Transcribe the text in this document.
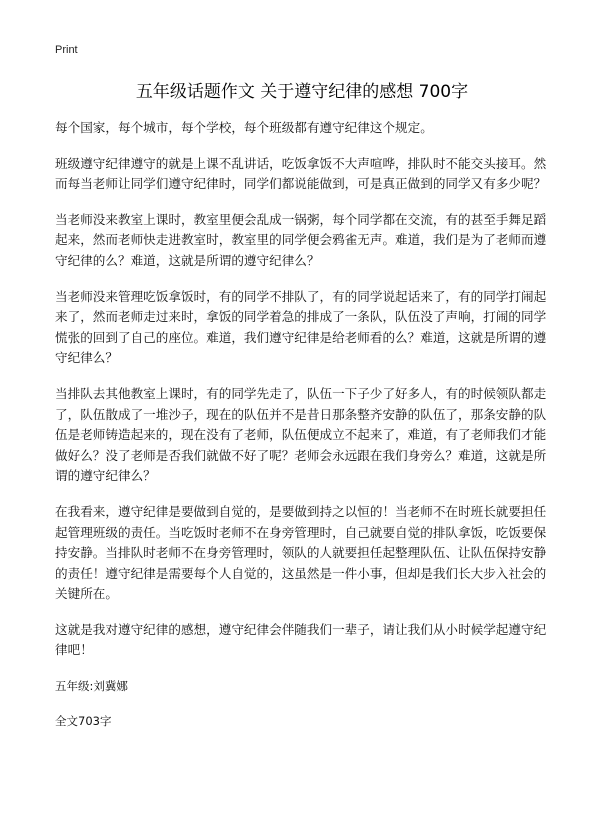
Print
五年级话题作文 关于遵守纪律的感想 700字

每个国家，每个城市，每个学校，每个班级都有遵守纪律这个规定。

班级遵守纪律遵守的就是上课不乱讲话，吃饭拿饭不大声喧哗，排队时不能交头接耳。然而每当老师让同学们遵守纪律时，同学们都说能做到，可是真正做到的同学又有多少呢？

当老师没来教室上课时，教室里便会乱成一锅粥，每个同学都在交流，有的甚至手舞足蹈起来，然而老师快走进教室时，教室里的同学便会鸦雀无声。难道，我们是为了老师而遵守纪律的么？难道，这就是所谓的遵守纪律么？

当老师没来管理吃饭拿饭时，有的同学不排队了，有的同学说起话来了，有的同学打闹起来了，然而老师走过来时，拿饭的同学着急的排成了一条队，队伍没了声响，打闹的同学慌张的回到了自己的座位。难道，我们遵守纪律是给老师看的么？难道，这就是所谓的遵守纪律么？

当排队去其他教室上课时，有的同学先走了，队伍一下子少了好多人，有的时候领队都走了，队伍散成了一堆沙子，现在的队伍并不是昔日那条整齐安静的队伍了，那条安静的队伍是老师铸造起来的，现在没有了老师，队伍便成立不起来了，难道，有了老师我们才能做好么？没了老师是否我们就做不好了呢？老师会永远跟在我们身旁么？难道，这就是所谓的遵守纪律么？

在我看来，遵守纪律是要做到自觉的，是要做到持之以恒的！当老师不在时班长就要担任起管理班级的责任。当吃饭时老师不在身旁管理时，自己就要自觉的排队拿饭，吃饭要保持安静。当排队时老师不在身旁管理时，领队的人就要担任起整理队伍、让队伍保持安静的责任！遵守纪律是需要每个人自觉的，这虽然是一件小事，但却是我们长大步入社会的关键所在。

这就是我对遵守纪律的感想，遵守纪律会伴随我们一辈子，请让我们从小时候学起遵守纪律吧！

五年级:刘冀娜

全文703字
